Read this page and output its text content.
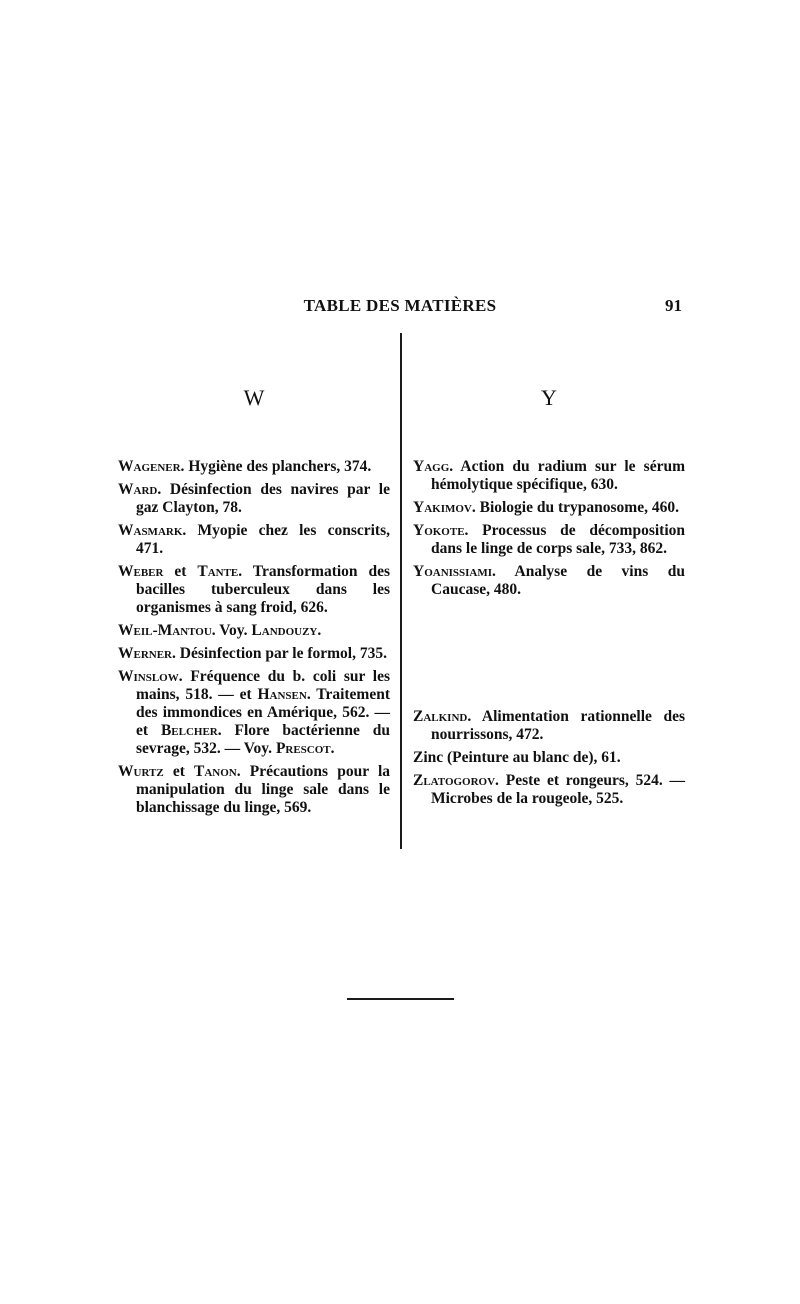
TABLE DES MATIÈRES	91
W

Wagener. Hygiène des planchers, 374.

Ward. Désinfection des navires par le gaz Clayton, 78.

Wasmark. Myopie chez les conscrits, 471.

Weber et Tante. Transformation des bacilles tuberculeux dans les organismes à sang froid, 626.

Weil-Mantou. Voy. Landouzy.

Werner. Désinfection par le formol, 735.

Winslow. Fréquence du b. coli sur les mains, 518. — et Hansen. Traitement des immondices en Amérique, 562. — et Belcher. Flore bactérienne du sevrage, 532. — Voy. Prescot.

Wurtz et Tanon. Précautions pour la manipulation du linge sale dans le blanchissage du linge, 569.

Y

Yagg. Action du radium sur le sérum hémolytique spécifique, 630.

Yakimov. Biologie du trypanosome, 460.

Yokote. Processus de décomposition dans le linge de corps sale, 733, 862.

Yoanissiami. Analyse de vins du Caucase, 480.

Zalkind. Alimentation rationnelle des nourrissons, 472.

Zinc (Peinture au blanc de), 61.

Zlatogorov. Peste et rongeurs, 524. — Microbes de la rougeole, 525.
